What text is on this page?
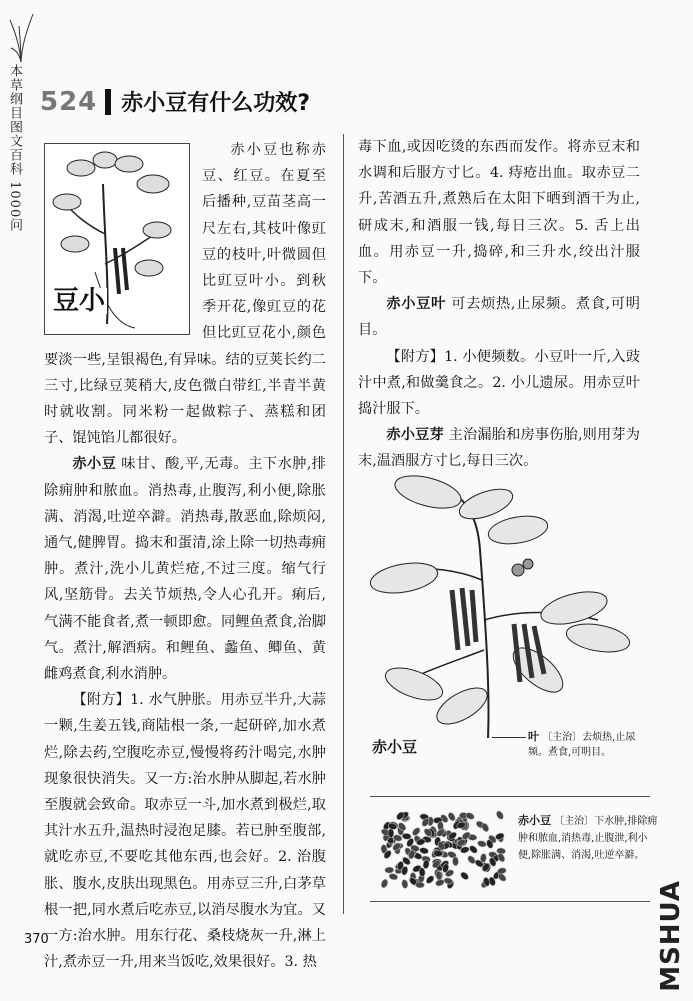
本草纲目图文百科 1000问 524 赤小豆有什么功效?
豆小

赤小豆也称赤豆、红豆。在夏至后播种,豆苗茎高一尺左右,其枝叶像豇豆的枝叶,叶微圆但比豇豆叶小。到秋季开花,像豇豆的花但比豇豆花小,颜色要淡一些,呈银褐色,有异味。结的豆荚长约二三寸,比绿豆荚稍大,皮色微白带红,半青半黄时就收割。同米粉一起做粽子、蒸糕和团子、馄饨馅儿都很好。

赤小豆 味甘、酸,平,无毒。主下水肿,排除痈肿和脓血。消热毒,止腹泻,利小便,除胀满、消渴,吐逆卒澼。消热毒,散恶血,除烦闷,通气,健脾胃。捣末和蛋清,涂上除一切热毒痈肿。煮汁,洗小儿黄烂疮,不过三度。缩气行风,坚筋骨。去关节烦热,令人心孔开。痢后,气满不能食者,煮一顿即愈。同鲤鱼煮食,治脚气。煮汁,解酒病。和鲤鱼、蠡鱼、鲫鱼、黄雌鸡煮食,利水消肿。

【附方】1. 水气肿胀。用赤豆半升,大蒜一颗,生姜五钱,商陆根一条,一起研碎,加水煮烂,除去药,空腹吃赤豆,慢慢将药汁喝完,水肿现象很快消失。又一方:治水肿从脚起,若水肿至腹就会致命。取赤豆一斗,加水煮到极烂,取其汁水五升,温热时浸泡足膝。若已肿至腹部,就吃赤豆,不要吃其他东西,也会好。2. 治腹胀、腹水,皮肤出现黑色。用赤豆三升,白茅草根一把,同水煮后吃赤豆,以消尽腹水为宜。又一方:治水肿。用东行花、桑枝烧灰一升,淋上汁,煮赤豆一升,用来当饭吃,效果很好。3. 热

毒下血,或因吃烫的东西而发作。将赤豆末和水调和后服方寸匕。4. 痔疮出血。取赤豆二升,苦酒五升,煮熟后在太阳下晒到酒干为止,研成末,和酒服一钱,每日三次。5. 舌上出血。用赤豆一升,捣碎,和三升水,绞出汁服下。

赤小豆叶 可去烦热,止尿频。煮食,可明目。

【附方】1. 小便频数。小豆叶一斤,入豉汁中煮,和做羹食之。2. 小儿遗尿。用赤豆叶捣汁服下。

赤小豆芽 主治漏胎和房事伤胎,则用芽为末,温酒服方寸匕,每日三次。

赤小豆
叶 〔主治〕去烦热,止尿频。煮食,可明目。
赤小豆 〔主治〕下水肿,排除痈肿和脓血,消热毒,止腹泄,利小便,除胀满、消渴,吐逆卒澼。
370	MSHUA
